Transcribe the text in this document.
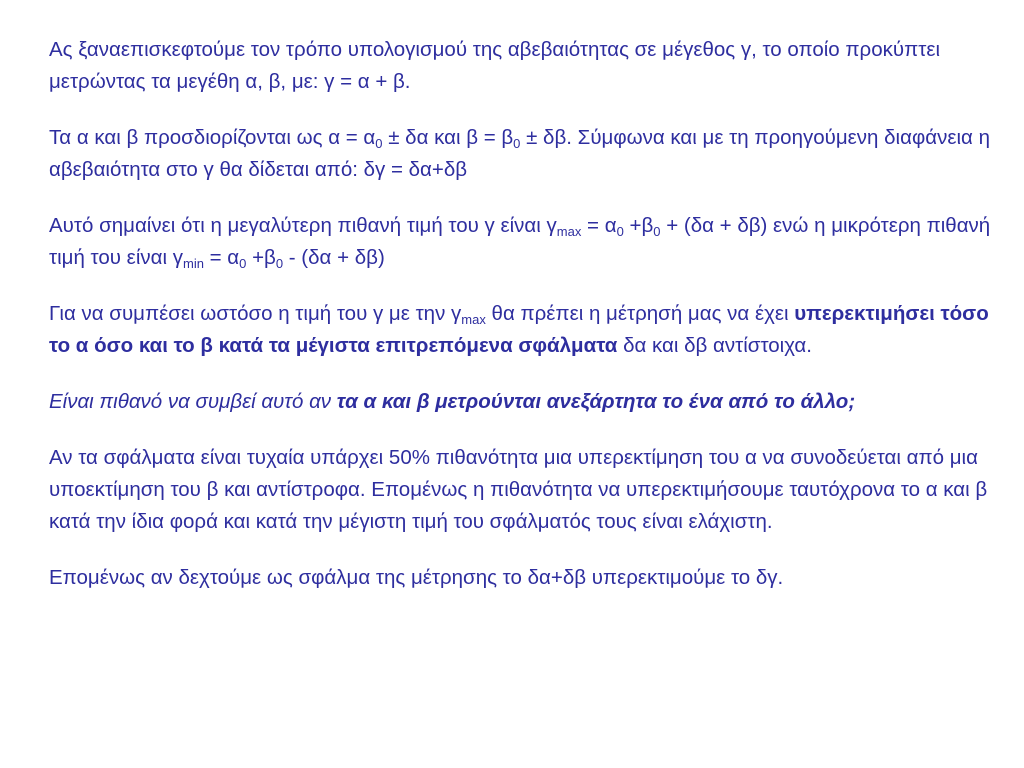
Ας ξαναεπισκεφτούμε τον τρόπο υπολογισμού της αβεβαιότητας σε μέγεθος γ, το οποίο προκύπτει μετρώντας τα μεγέθη α, β, με: γ = α + β.

Τα α και β προσδιορίζονται ως $\alpha = \alpha_0 \pm \delta\alpha$ και $\beta = \beta_0 \pm \delta\beta$. Σύμφωνα και με τη προηγούμενη διαφάνεια η αβεβαιότητα στο γ θα δίδεται από: δγ = δα+δβ

Αυτό σημαίνει ότι η μεγαλύτερη πιθανή τιμή του γ είναι $\gamma_{max} = \alpha_0 +\beta_0 + (\delta\alpha + \delta\beta)$ ενώ η μικρότερη πιθανή τιμή του είναι $\gamma_{min} = \alpha_0 +\beta_0 - (\delta\alpha + \delta\beta)$

Για να συμπέσει ωστόσο η τιμή του γ με την $\gamma_{max}$ θα πρέπει η μέτρησή μας να έχει υπερεκτιμήσει τόσο το α όσο και το β κατά τα μέγιστα επιτρεπόμενα σφάλματα δα και δβ αντίστοιχα.

Είναι πιθανό να συμβεί αυτό αν τα α και β μετρούνται ανεξάρτητα το ένα από το άλλο;

Αν τα σφάλματα είναι τυχαία υπάρχει 50% πιθανότητα μια υπερεκτίμηση του α να συνοδεύεται από μια υποεκτίμηση του β και αντίστροφα. Επομένως η πιθανότητα να υπερεκτιμήσουμε ταυτόχρονα το α και β κατά την ίδια φορά και κατά την μέγιστη τιμή του σφάλματός τους είναι ελάχιστη.

Επομένως αν δεχτούμε ως σφάλμα της μέτρησης το δα+δβ υπερεκτιμούμε το δγ.
